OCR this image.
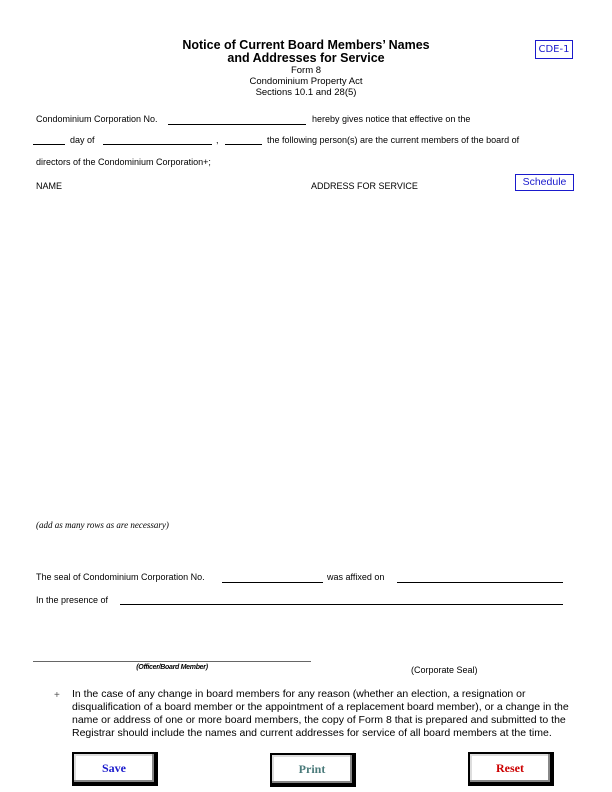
Notice of Current Board Members’ Names
and Addresses for Service
Form 8
Condominium Property Act
Sections 10.1 and 28(5)
CDE-1
Condominium Corporation No.	hereby gives notice that effective on the
day of	,	the following person(s) are the current members of the board of
directors of the Condominium Corporation+;
NAME	ADDRESS FOR SERVICE	Schedule
(add as many rows as are necessary)
The seal of Condominium Corporation No.	was affixed on
In the presence of
(Officer/Board Member)	(Corporate Seal)
+ In the case of any change in board members for any reason (whether an election, a resignation or disqualification of a board member or the appointment of a replacement board member), or a change in the name or address of one or more board members, the copy of Form 8 that is prepared and submitted to the Registrar should include the names and current addresses for service of all board members at the time.
Save	Print	Reset
